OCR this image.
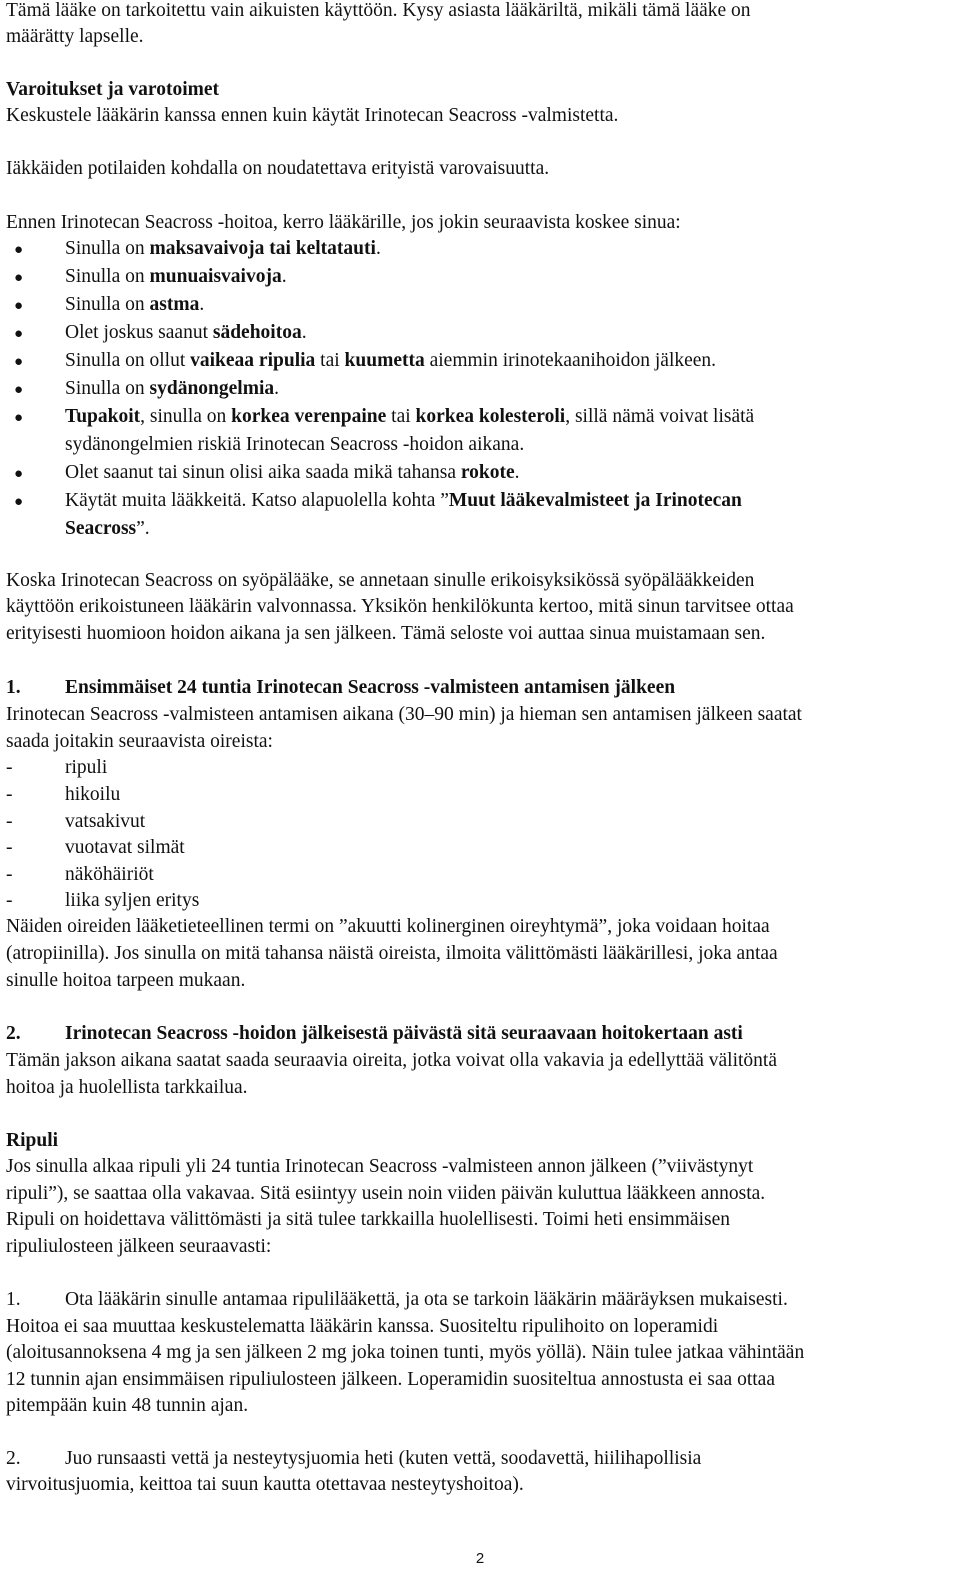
Tämä lääke on tarkoitettu vain aikuisten käyttöön. Kysy asiasta lääkäriltä, mikäli tämä lääke on
määrätty lapselle.
Varoitukset ja varotoimet
Keskustele lääkärin kanssa ennen kuin käytät Irinotecan Seacross -valmistetta.
Iäkkäiden potilaiden kohdalla on noudatettava erityistä varovaisuutta.
Ennen Irinotecan Seacross -hoitoa, kerro lääkärille, jos jokin seuraavista koskee sinua:
● Sinulla on maksavaivoja tai keltatauti.
● Sinulla on munuaisvaivoja.
● Sinulla on astma.
● Olet joskus saanut sädehoitoa.
● Sinulla on ollut vaikeaa ripulia tai kuumetta aiemmin irinotekaanihoidon jälkeen.
● Sinulla on sydänongelmia.
● Tupakoit, sinulla on korkea verenpaine tai korkea kolesteroli, sillä nämä voivat lisätä
sydänongelmien riskiä Irinotecan Seacross -hoidon aikana.
● Olet saanut tai sinun olisi aika saada mikä tahansa rokote.
● Käytät muita lääkkeitä. Katso alapuolella kohta ”Muut lääkevalmisteet ja Irinotecan
Seacross”.
Koska Irinotecan Seacross on syöpälääke, se annetaan sinulle erikoisyksikössä syöpälääkkeiden
käyttöön erikoistuneen lääkärin valvonnassa. Yksikön henkilökunta kertoo, mitä sinun tarvitsee ottaa
erityisesti huomioon hoidon aikana ja sen jälkeen. Tämä seloste voi auttaa sinua muistamaan sen.
1. Ensimmäiset 24 tuntia Irinotecan Seacross -valmisteen antamisen jälkeen
Irinotecan Seacross -valmisteen antamisen aikana (30–90 min) ja hieman sen antamisen jälkeen saatat
saada joitakin seuraavista oireista:
-	ripuli
-	hikoilu
-	vatsakivut
-	vuotavat silmät
-	näköhäiriöt
-	liika syljen eritys
Näiden oireiden lääketieteellinen termi on ”akuutti kolinerginen oireyhtymä”, joka voidaan hoitaa
(atropiinilla). Jos sinulla on mitä tahansa näistä oireista, ilmoita välittömästi lääkärillesi, joka antaa
sinulle hoitoa tarpeen mukaan.
2. Irinotecan Seacross -hoidon jälkeisestä päivästä sitä seuraavaan hoitokertaan asti
Tämän jakson aikana saatat saada seuraavia oireita, jotka voivat olla vakavia ja edellyttää välitöntä
hoitoa ja huolellista tarkkailua.
Ripuli
Jos sinulla alkaa ripuli yli 24 tuntia Irinotecan Seacross -valmisteen annon jälkeen (”viivästynyt
ripuli”), se saattaa olla vakavaa. Sitä esiintyy usein noin viiden päivän kuluttua lääkkeen annosta.
Ripuli on hoidettava välittömästi ja sitä tulee tarkkailla huolellisesti. Toimi heti ensimmäisen
ripuliulosteen jälkeen seuraavasti:
1. Ota lääkärin sinulle antamaa ripulilääkettä, ja ota se tarkoin lääkärin määräyksen mukaisesti.
Hoitoa ei saa muuttaa keskustelematta lääkärin kanssa. Suositeltu ripulihoito on loperamidi
(aloitusannoksena 4 mg ja sen jälkeen 2 mg joka toinen tunti, myös yöllä). Näin tulee jatkaa vähintään
12 tunnin ajan ensimmäisen ripuliulosteen jälkeen. Loperamidin suositeltua annostusta ei saa ottaa
pitempään kuin 48 tunnin ajan.
2. Juo runsaasti vettä ja nesteytysjuomia heti (kuten vettä, soodavettä, hiilihapollisia
virvoitusjuomia, keittoa tai suun kautta otettavaa nesteytyshoitoa).
2
